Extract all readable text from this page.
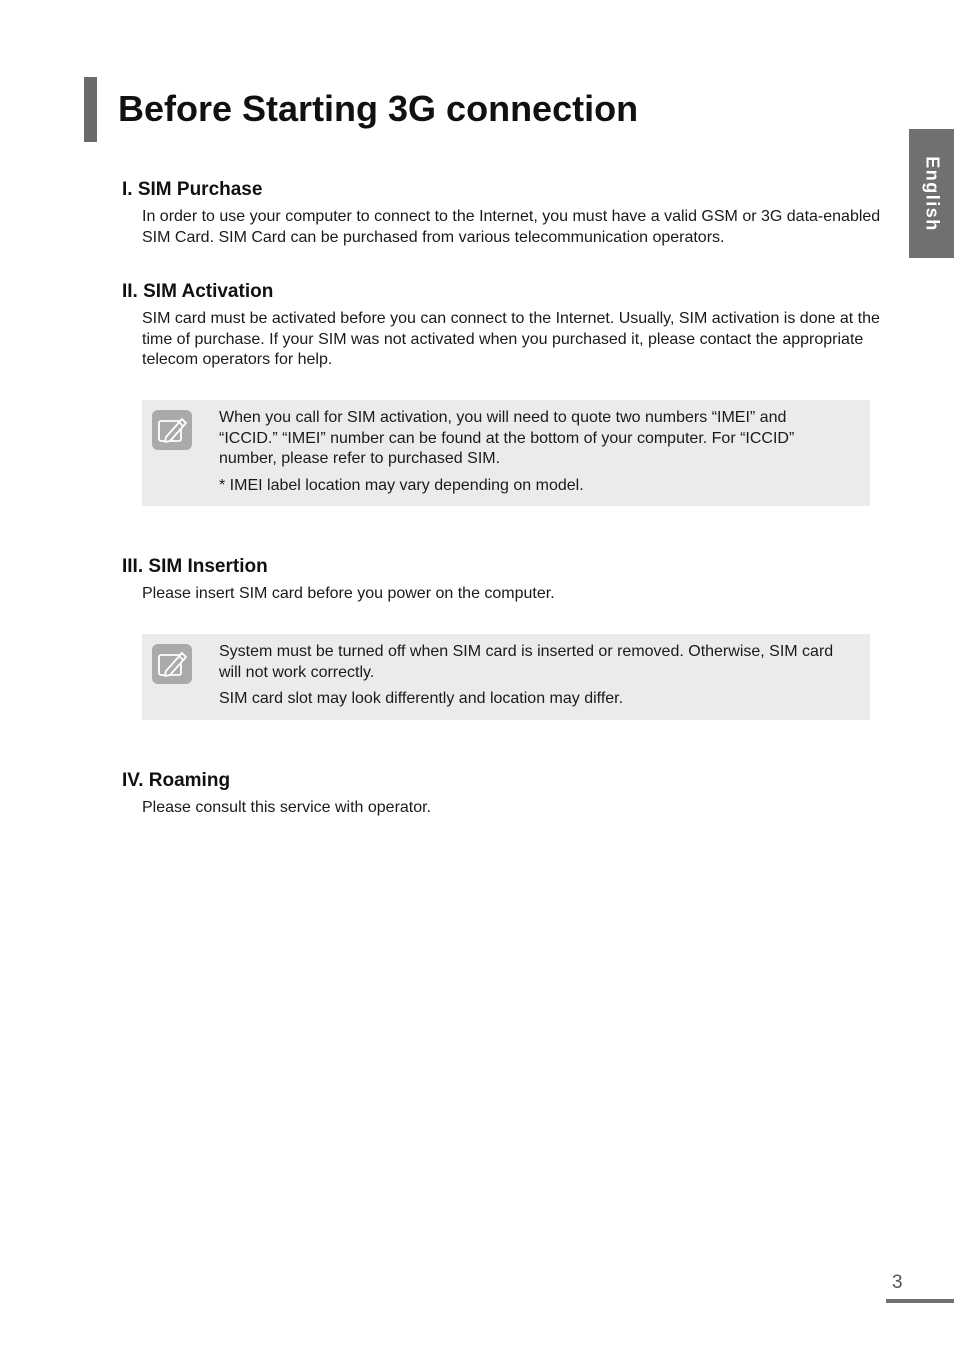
Before Starting 3G connection
English
I. SIM Purchase

In order to use your computer to connect to the Internet, you must have a valid GSM or 3G data-enabled SIM Card. SIM Card can be purchased from various telecommunication operators.

II. SIM Activation

SIM card must be activated before you can connect to the Internet. Usually, SIM activation is done at the time of purchase. If your SIM was not activated when you purchased it, please contact the appropriate telecom operators for help.

When you call for SIM activation, you will need to quote two numbers “IMEI” and “ICCID.” “IMEI” number can be found at the bottom of your computer. For “ICCID” number, please refer to purchased SIM.

* IMEI label location may vary depending on model.

III. SIM Insertion

Please insert SIM card before you power on the computer.

System must be turned off when SIM card is inserted or removed. Otherwise, SIM card will not work correctly.

SIM card slot may look differently and location may differ.

IV. Roaming

Please consult this service with operator.

3
